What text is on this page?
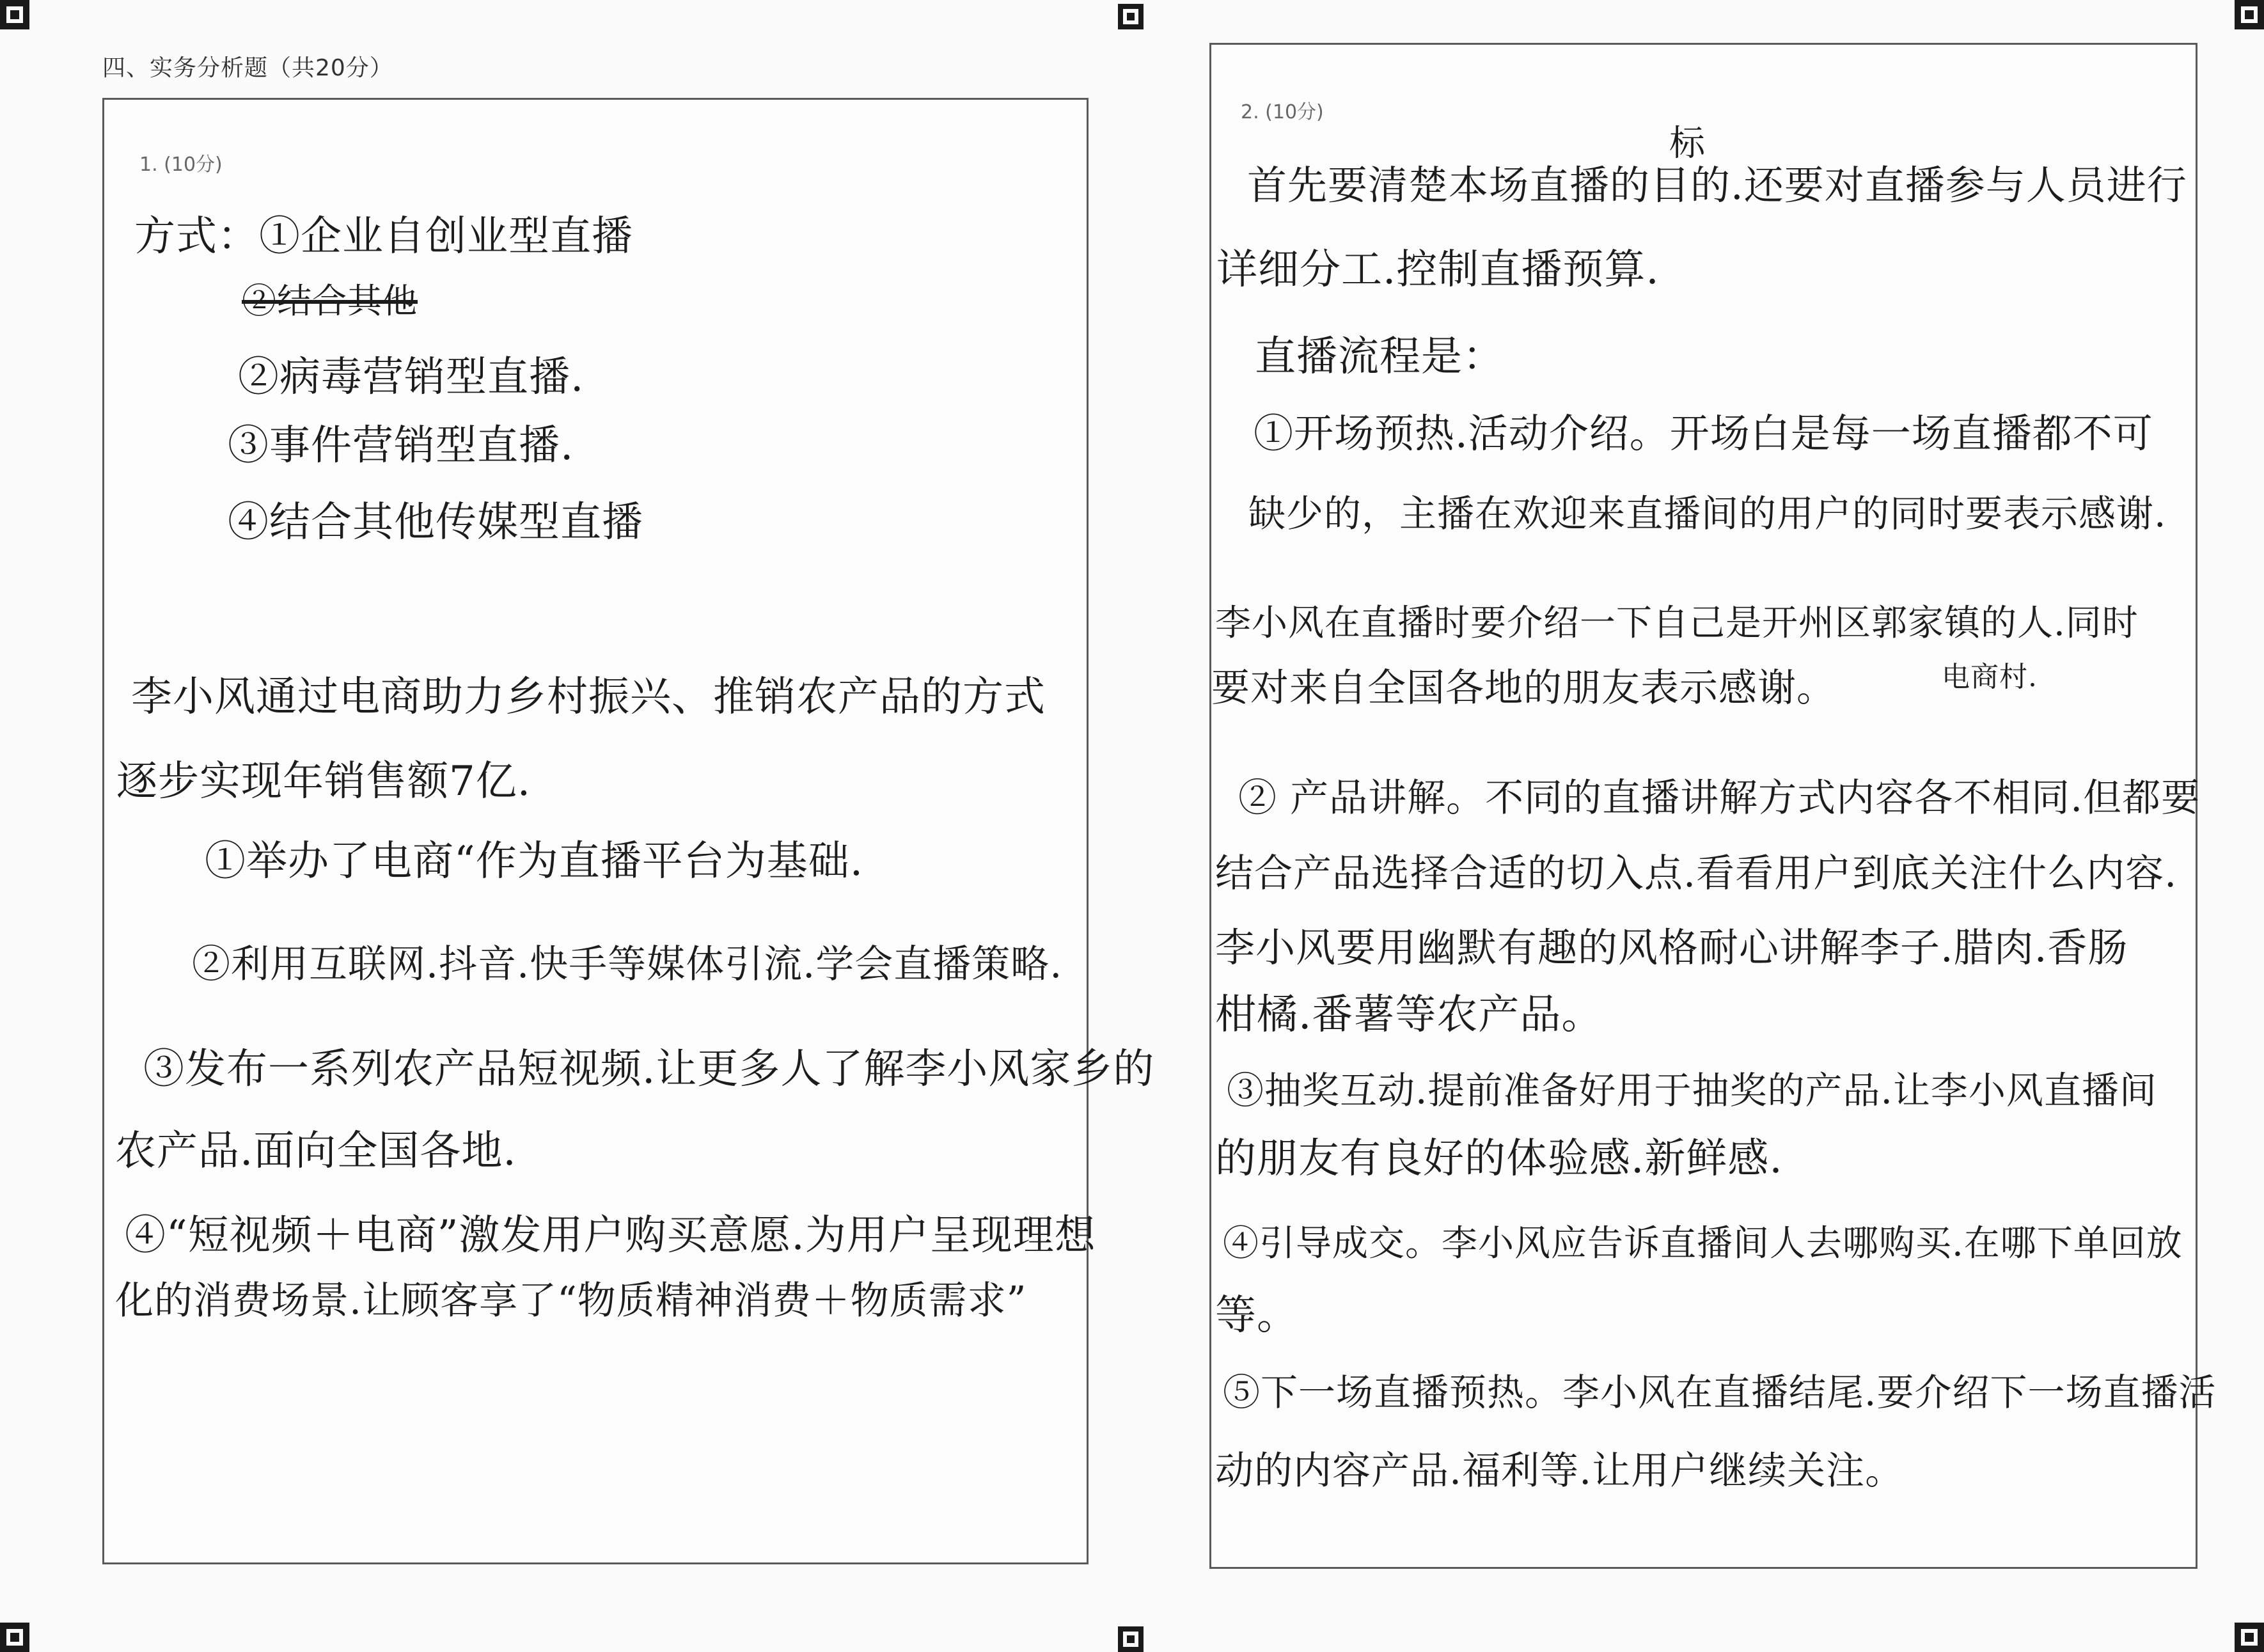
四、实务分析题（共20分）
1. (10分)

方式：①企业自创业型直播

②结合其他

②病毒营销型直播.

③事件营销型直播.

④结合其他传媒型直播

李小风通过电商助力乡村振兴、推销农产品的方式

逐步实现年销售额7亿.

①举办了电商“作为直播平台为基础.

②利用互联网.抖音.快手等媒体引流.学会直播策略.

③发布一系列农产品短视频.让更多人了解李小风家乡的

农产品.面向全国各地.

④“短视频＋电商”激发用户购买意愿.为用户呈现理想

化的消费场景.让顾客享了“物质精神消费＋物质需求”

2. (10分)
标

首先要清楚本场直播的目的.还要对直播参与人员进行

详细分工.控制直播预算.

直播流程是：

①开场预热.活动介绍。开场白是每一场直播都不可

缺少的，主播在欢迎来直播间的用户的同时要表示感谢.

李小风在直播时要介绍一下自己是开州区郭家镇的人.同时

要对来自全国各地的朋友表示感谢。	电商村.

② 产品讲解。不同的直播讲解方式内容各不相同.但都要

结合产品选择合适的切入点.看看用户到底关注什么内容.

李小风要用幽默有趣的风格耐心讲解李子.腊肉.香肠

柑橘.番薯等农产品。

③抽奖互动.提前准备好用于抽奖的产品.让李小风直播间

的朋友有良好的体验感.新鲜感.

④引导成交。李小风应告诉直播间人去哪购买.在哪下单回放

等。

⑤下一场直播预热。李小风在直播结尾.要介绍下一场直播活

动的内容产品.福利等.让用户继续关注。
